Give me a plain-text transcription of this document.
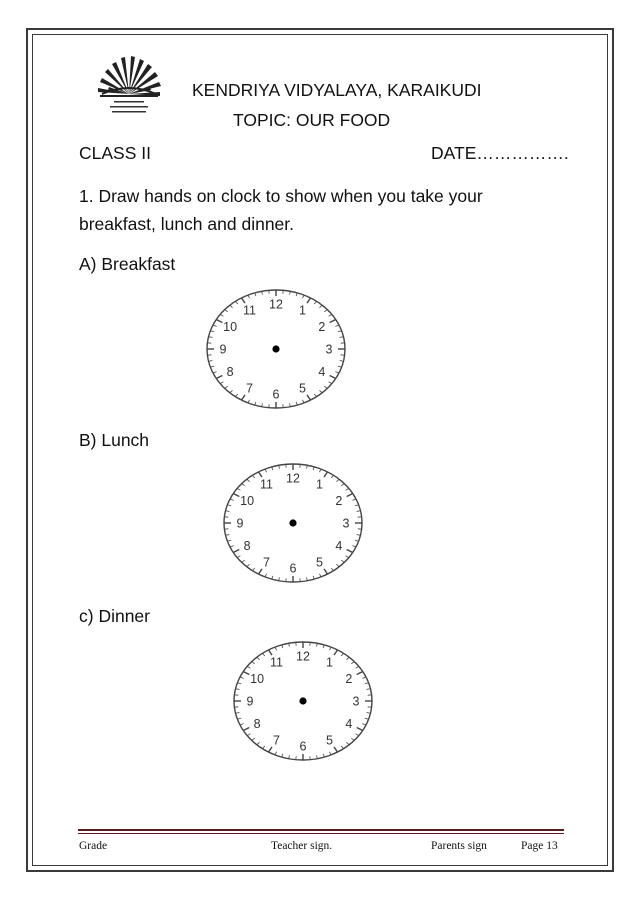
KENDRIYA VIDYALAYA, KARAIKUDI
TOPIC: OUR FOOD
CLASS II	DATE…………….
1. Draw hands on clock to show when you take your breakfast, lunch and dinner.
A) Breakfast
12 1
2
3
4
5
6
7
8
9
10
11
B) Lunch
12 1
2
3
4
5
6
7
8
9
10
11
c) Dinner
12 1
2
3
4
5
6
7
8
9
10
11
Grade	Teacher sign.	Parents sign	Page 13
